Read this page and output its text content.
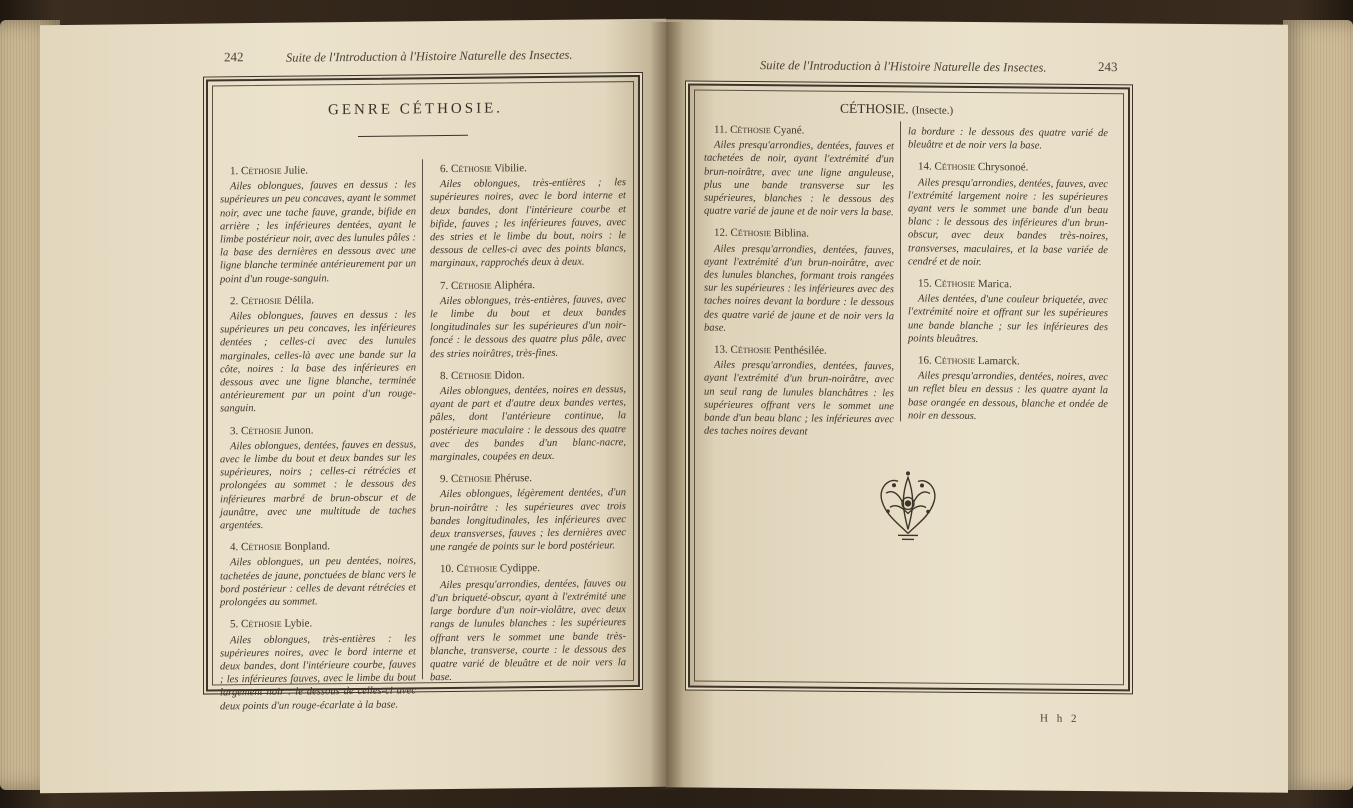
242	Suite de l'Introduction à l'Histoire Naturelle des Insectes.
GENRE CÉTHOSIE.
1. Céthosie Julie.
Ailes oblongues, fauves en dessus : les supérieures un peu concaves, ayant le sommet noir, avec une tache fauve, grande, bifide en arrière ; les inférieures dentées, ayant le limbe postérieur noir, avec des lunules pâles : la base des dernières en dessous avec une ligne blanche terminée antérieurement par un point d'un rouge-sanguin.
2. Céthosie Délila.
Ailes oblongues, fauves en dessus : les supérieures un peu concaves, les inférieures dentées ; celles-ci avec des lunules marginales, celles-là avec une bande sur la côte, noires : la base des inférieures en dessous avec une ligne blanche, terminée antérieurement par un point d'un rouge-sanguin.
3. Céthosie Junon.
Ailes oblongues, dentées, fauves en dessus, avec le limbe du bout et deux bandes sur les supérieures, noirs ; celles-ci rétrécies et prolongées au sommet : le dessous des inférieures marbré de brun-obscur et de jaunâtre, avec une multitude de taches argentées.
4. Céthosie Bonpland.
Ailes oblongues, un peu dentées, noires, tachetées de jaune, ponctuées de blanc vers le bord postérieur : celles de devant rétrécies et prolongées au sommet.
5. Céthosie Lybie.
Ailes oblongues, très-entières : les supérieures noires, avec le bord interne et deux bandes, dont l'intérieure courbe, fauves ; les inférieures fauves, avec le limbe du bout largement noir : le dessous de celles-ci avec deux points d'un rouge-écarlate à la base.
6. Céthosie Vibilie.
Ailes oblongues, très-entières ; les supérieures noires, avec le bord interne et deux bandes, dont l'intérieure courbe et bifide, fauves ; les inférieures fauves, avec des stries et le limbe du bout, noirs : le dessous de celles-ci avec des points blancs, marginaux, rapprochés deux à deux.
7. Céthosie Aliphéra.
Ailes oblongues, très-entières, fauves, avec le limbe du bout et deux bandes longitudinales sur les supérieures d'un noir-foncé : le dessous des quatre plus pâle, avec des stries noirâtres, très-fines.
8. Céthosie Didon.
Ailes oblongues, dentées, noires en dessus, ayant de part et d'autre deux bandes vertes, pâles, dont l'antérieure continue, la postérieure maculaire : le dessous des quatre avec des bandes d'un blanc-nacre, marginales, coupées en deux.
9. Céthosie Phéruse.
Ailes oblongues, légèrement dentées, d'un brun-noirâtre : les supérieures avec trois bandes longitudinales, les inférieures avec deux transverses, fauves ; les dernières avec une rangée de points sur le bord postérieur.
10. Céthosie Cydippe.
Ailes presqu'arrondies, dentées, fauves ou d'un briqueté-obscur, ayant à l'extrémité une large bordure d'un noir-violâtre, avec deux rangs de lunules blanches : les supérieures offrant vers le sommet une bande très-blanche, transverse, courte : le dessous des quatre varié de bleuâtre et de noir vers la base.
Suite de l'Introduction à l'Histoire Naturelle des Insectes.	243
CÉTHOSIE. (Insecte.)
11. Céthosie Cyané.
Ailes presqu'arrondies, dentées, fauves et tachetées de noir, ayant l'extrémité d'un brun-noirâtre, avec une ligne anguleuse, plus une bande transverse sur les supérieures, blanches : le dessous des quatre varié de jaune et de noir vers la base.
12. Céthosie Biblina.
Ailes presqu'arrondies, dentées, fauves, ayant l'extrémité d'un brun-noirâtre, avec des lunules blanches, formant trois rangées sur les supérieures : les inférieures avec des taches noires devant la bordure : le dessous des quatre varié de jaune et de noir vers la base.
13. Céthosie Penthésilée.
Ailes presqu'arrondies, dentées, fauves, ayant l'extrémité d'un brun-noirâtre, avec un seul rang de lunules blanchâtres : les supérieures offrant vers le sommet une bande d'un beau blanc ; les inférieures avec des taches noires devant
la bordure : le dessous des quatre varié de bleuâtre et de noir vers la base.
14. Céthosie Chrysonoé.
Ailes presqu'arrondies, dentées, fauves, avec l'extrémité largement noire : les supérieures ayant vers le sommet une bande d'un beau blanc : le dessous des inférieures d'un brun-obscur, avec deux bandes très-noires, transverses, maculaires, et la base variée de cendré et de noir.
15. Céthosie Marica.
Ailes dentées, d'une couleur briquetée, avec l'extrémité noire et offrant sur les supérieures une bande blanche ; sur les inférieures des points bleuâtres.
16. Céthosie Lamarck.
Ailes presqu'arrondies, dentées, noires, avec un reflet bleu en dessus : les quatre ayant la base orangée en dessous, blanche et ondée de noir en dessous.
H h 2
